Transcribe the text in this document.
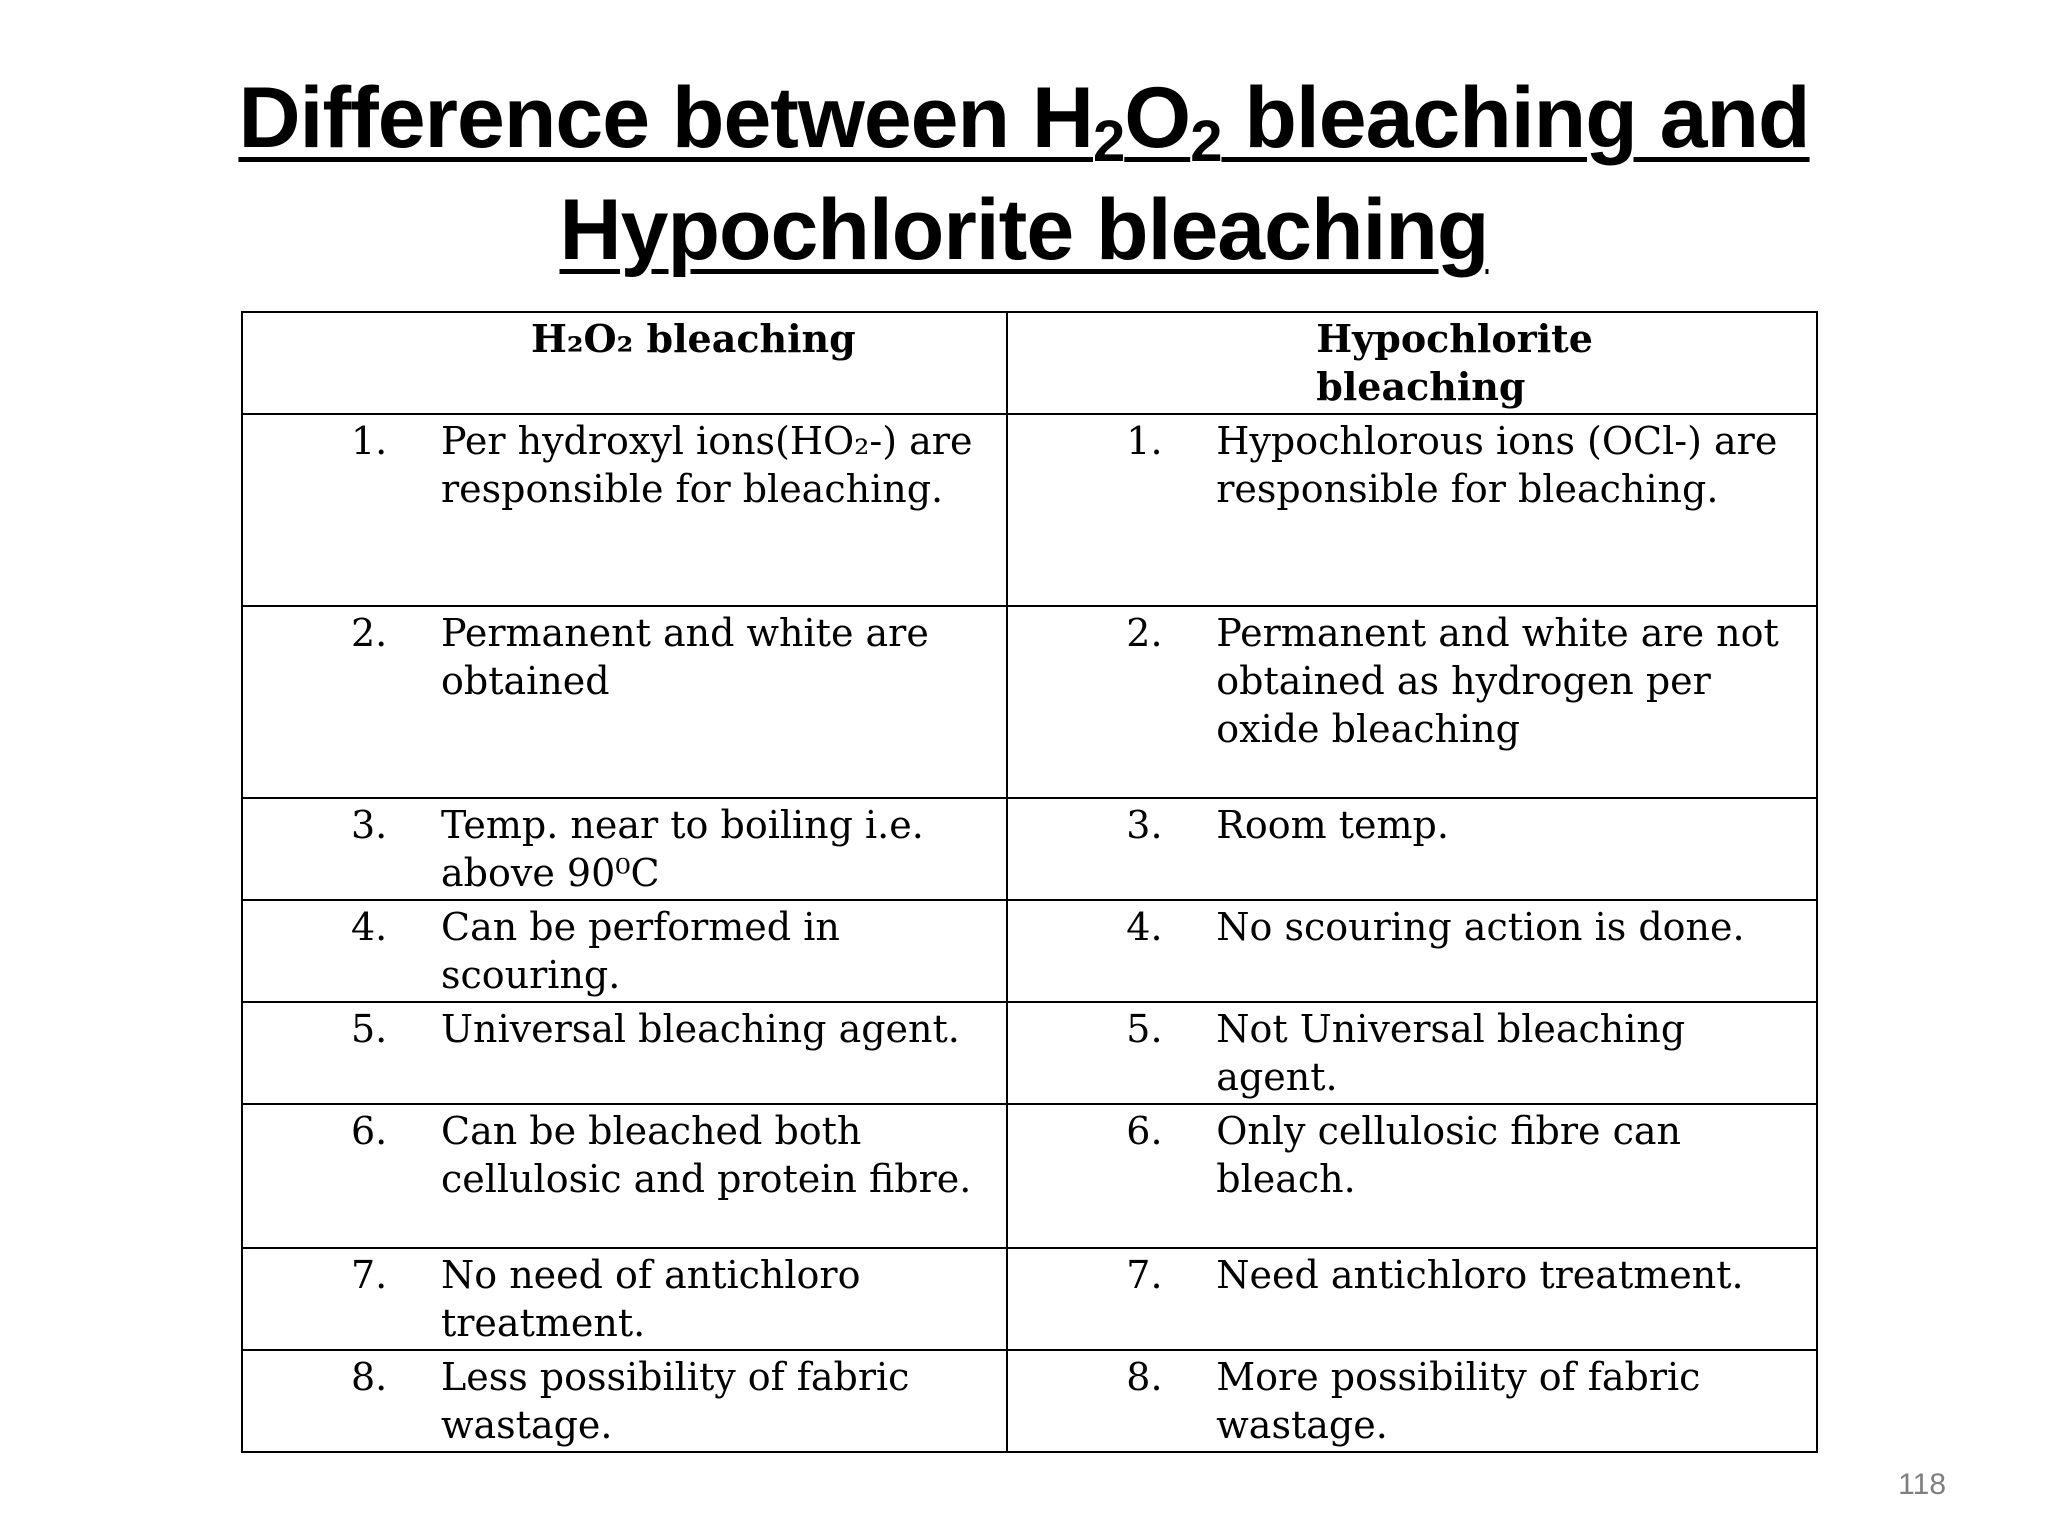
Difference between $H_2O_2$ bleaching and
Hypochlorite bleaching
H₂O₂ bleaching	Hypochlorite bleaching

1. Per hydroxyl ions(HO₂-) are responsible for bleaching.	1. Hypochlorous ions (OCl-) are responsible for bleaching.

2. Permanent and white are obtained	2. Permanent and white are not obtained as hydrogen per oxide bleaching

3. Temp. near to boiling i.e. above 90⁰C	3. Room temp.

4. Can be performed in scouring.	4. No scouring action is done.

5. Universal bleaching agent.	5. Not Universal bleaching agent.

6. Can be bleached both cellulosic and protein fibre.	6. Only cellulosic fibre can bleach.

7. No need of antichloro treatment.	7. Need antichloro treatment.

8. Less possibility of fabric wastage.	8. More possibility of fabric wastage.
118
